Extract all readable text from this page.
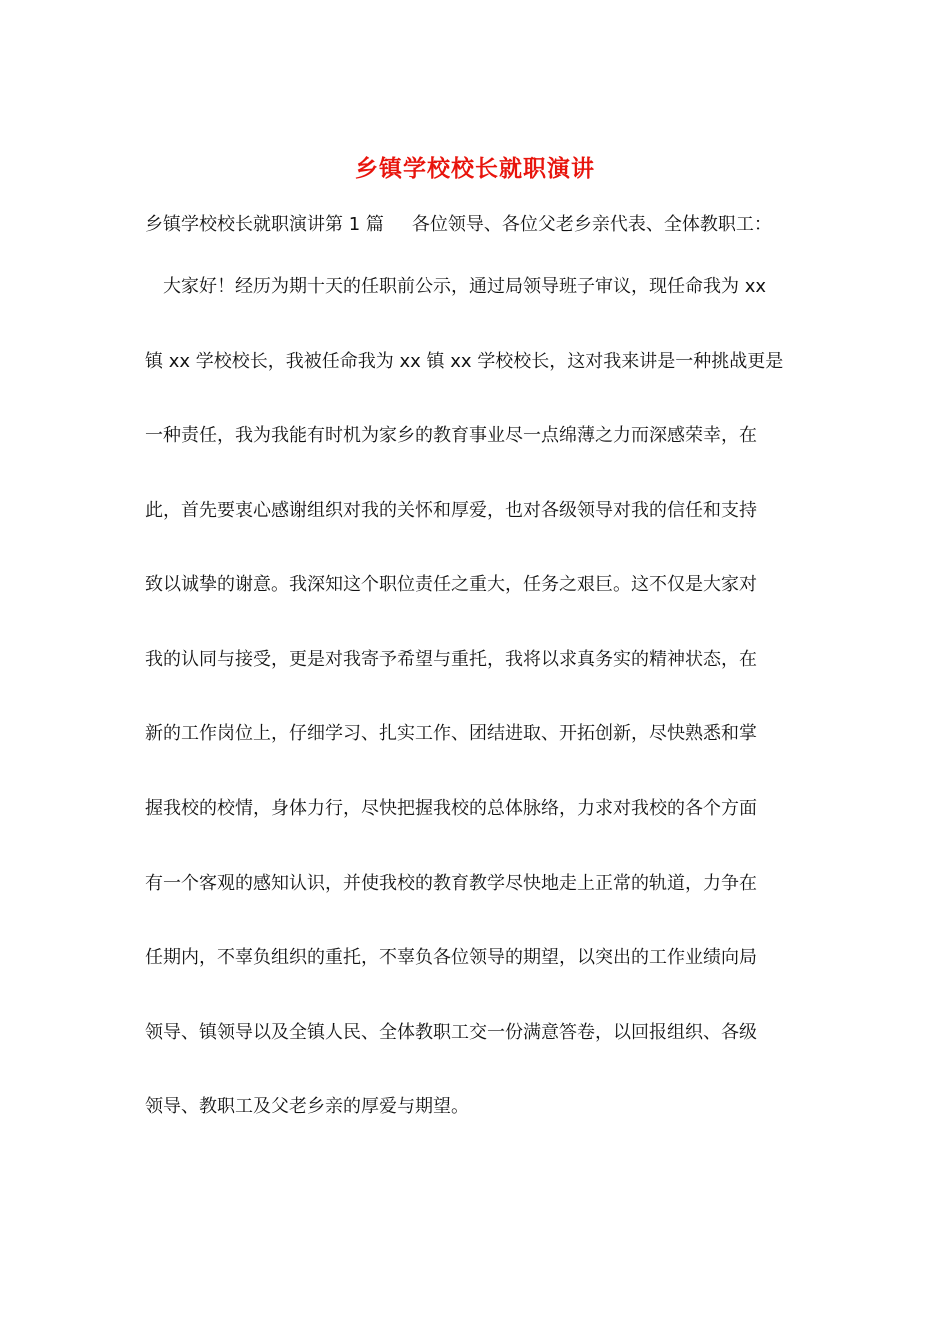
乡镇学校校长就职演讲
乡镇学校校长就职演讲第 1 篇 各位领导、各位父老乡亲代表、全体教职工：
大家好！经历为期十天的任职前公示，通过局领导班子审议，现任命我为 xx
镇 xx 学校校长，我被任命我为 xx 镇 xx 学校校长，这对我来讲是一种挑战更是
一种责任，我为我能有时机为家乡的教育事业尽一点绵薄之力而深感荣幸，在
此，首先要衷心感谢组织对我的关怀和厚爱，也对各级领导对我的信任和支持
致以诚挚的谢意。我深知这个职位责任之重大，任务之艰巨。这不仅是大家对
我的认同与接受，更是对我寄予希望与重托，我将以求真务实的精神状态，在
新的工作岗位上，仔细学习、扎实工作、团结进取、开拓创新，尽快熟悉和掌
握我校的校情，身体力行，尽快把握我校的总体脉络，力求对我校的各个方面
有一个客观的感知认识，并使我校的教育教学尽快地走上正常的轨道，力争在
任期内，不辜负组织的重托，不辜负各位领导的期望，以突出的工作业绩向局
领导、镇领导以及全镇人民、全体教职工交一份满意答卷，以回报组织、各级
领导、教职工及父老乡亲的厚爱与期望。
